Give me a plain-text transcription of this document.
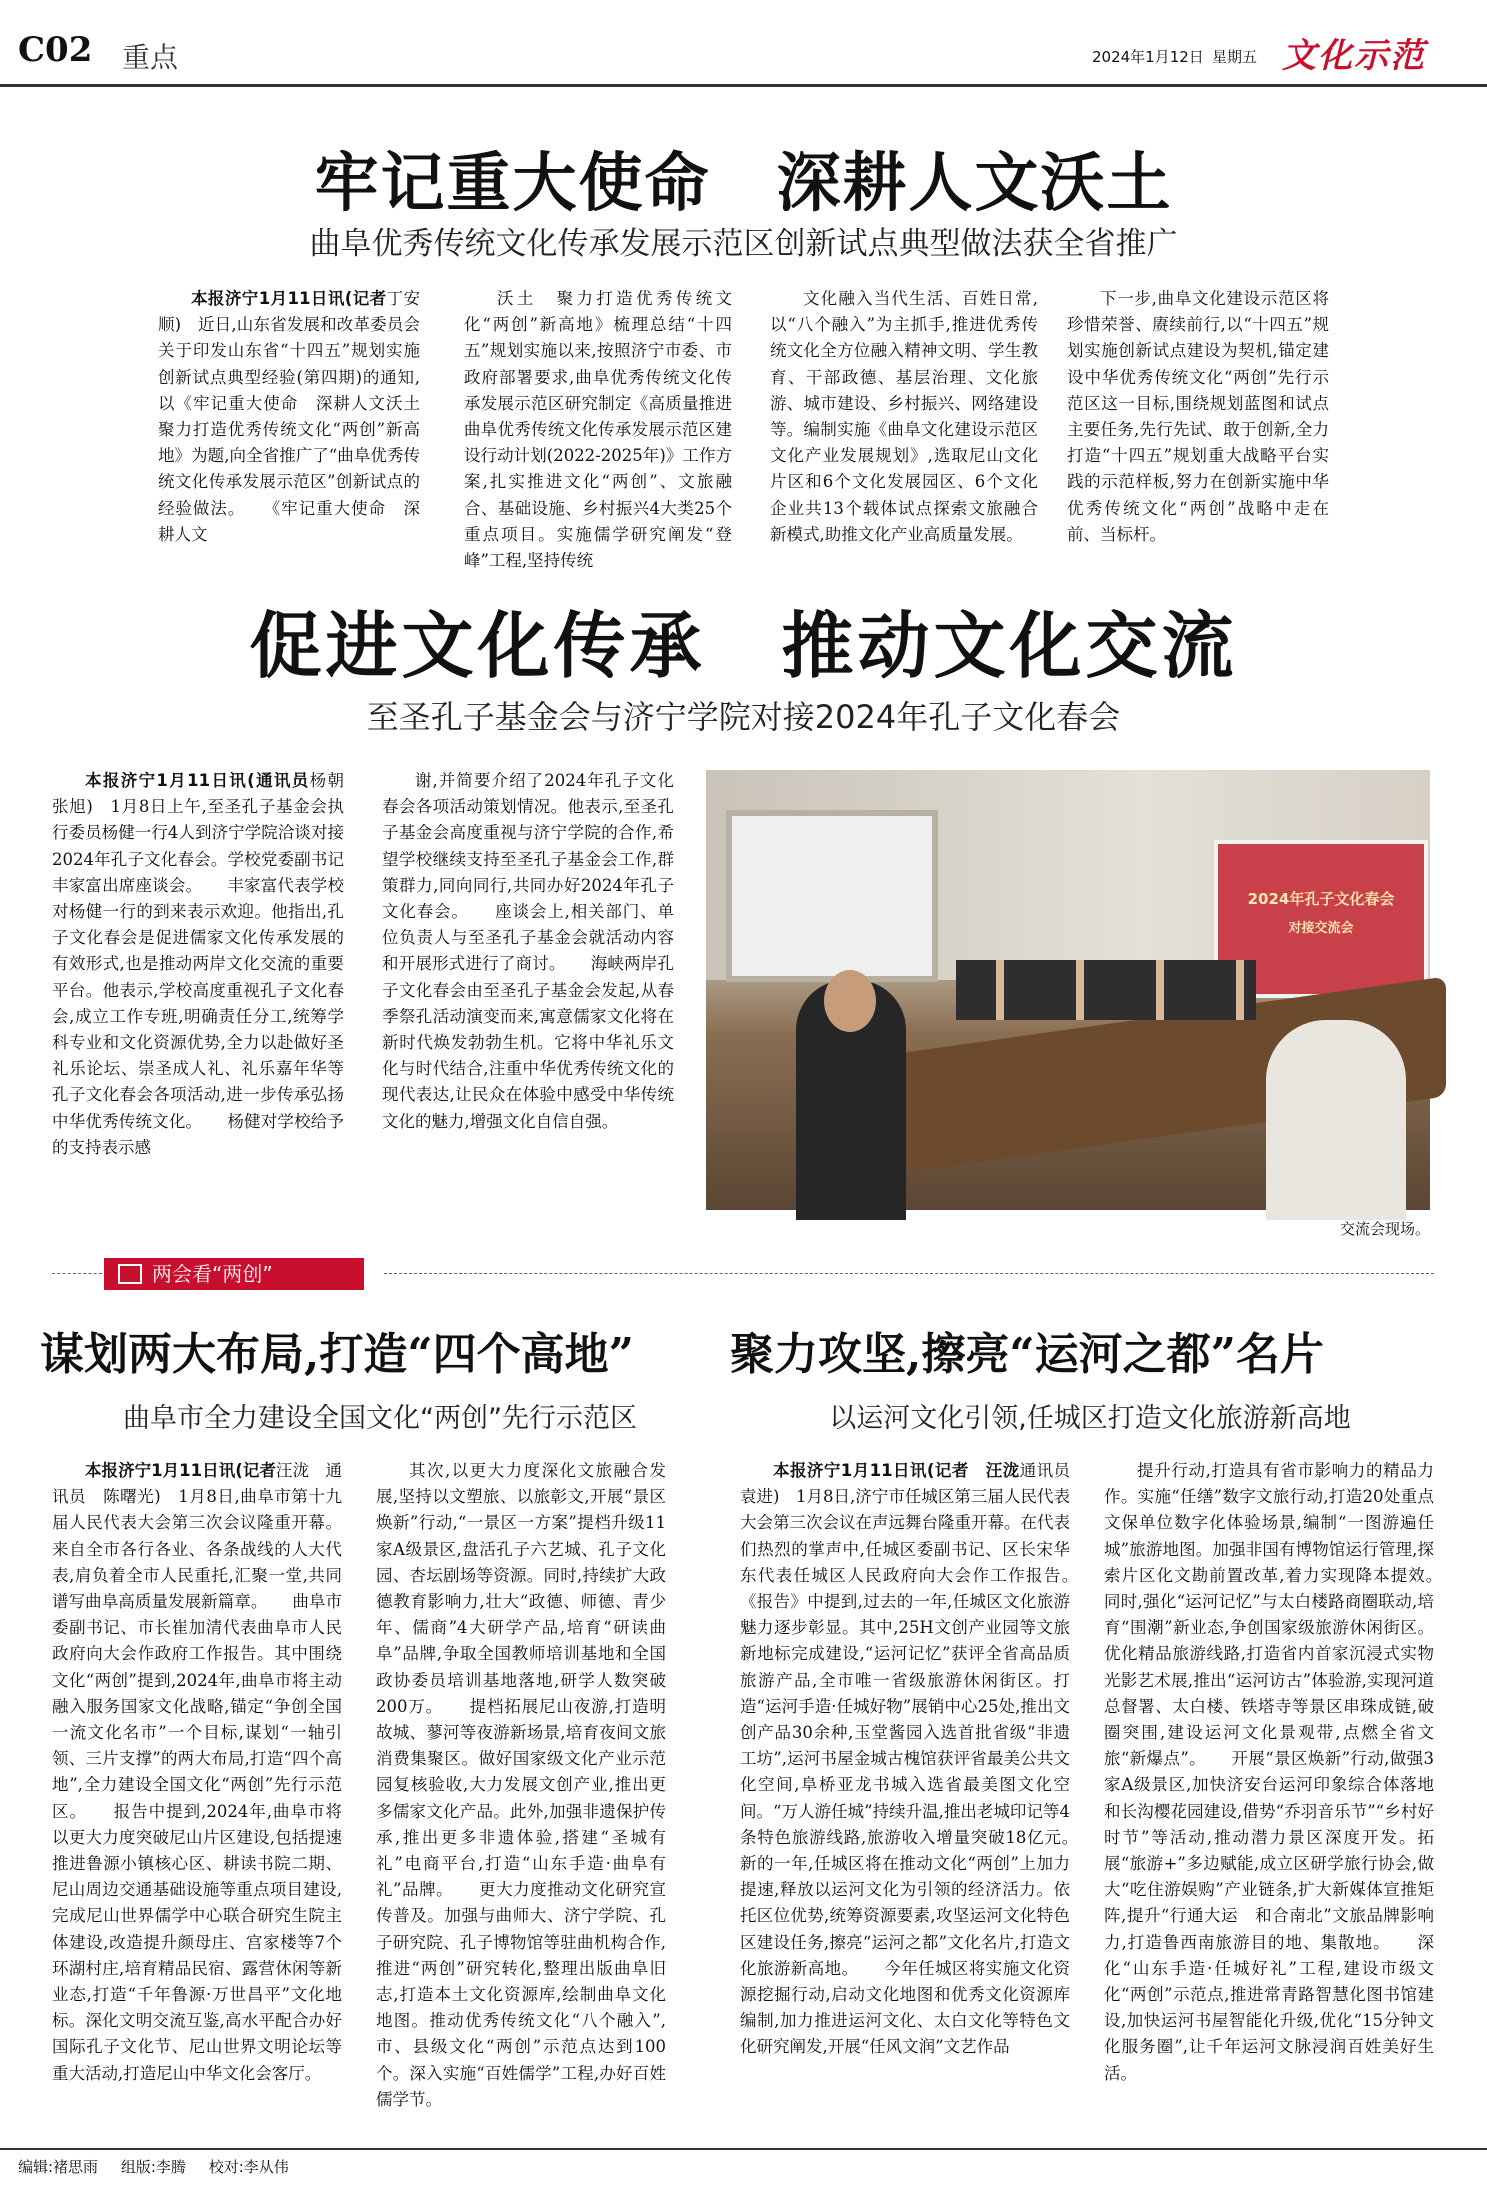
C02 重点	2024年1月12日 星期五 文化示范
牢记重大使命　深耕人文沃土
曲阜优秀传统文化传承发展示范区创新试点典型做法获全省推广

本报济宁1月11日讯(记者丁安顺)　近日,山东省发展和改革委员会关于印发山东省“十四五”规划实施创新试点典型经验(第四期)的通知,以《牢记重大使命　深耕人文沃土　聚力打造优秀传统文化“两创”新高地》为题,向全省推广了“曲阜优秀传统文化传承发展示范区”创新试点的经验做法。　　《牢记重大使命　深耕人文

沃土　聚力打造优秀传统文化“两创”新高地》梳理总结“十四五”规划实施以来,按照济宁市委、市政府部署要求,曲阜优秀传统文化传承发展示范区研究制定《高质量推进曲阜优秀传统文化传承发展示范区建设行动计划(2022-2025年)》工作方案,扎实推进文化“两创”、文旅融合、基础设施、乡村振兴4大类25个重点项目。实施儒学研究阐发“登峰”工程,坚持传统

文化融入当代生活、百姓日常,以“八个融入”为主抓手,推进优秀传统文化全方位融入精神文明、学生教育、干部政德、基层治理、文化旅游、城市建设、乡村振兴、网络建设等。编制实施《曲阜文化建设示范区文化产业发展规划》,选取尼山文化片区和6个文化发展园区、6个文化企业共13个载体试点探索文旅融合新模式,助推文化产业高质量发展。

下一步,曲阜文化建设示范区将珍惜荣誉、赓续前行,以“十四五”规划实施创新试点建设为契机,锚定建设中华优秀传统文化“两创”先行示范区这一目标,围绕规划蓝图和试点主要任务,先行先试、敢于创新,全力打造“十四五”规划重大战略平台实践的示范样板,努力在创新实施中华优秀传统文化“两创”战略中走在前、当标杆。

促进文化传承　推动文化交流
至圣孔子基金会与济宁学院对接2024年孔子文化春会

本报济宁1月11日讯(通讯员杨朝　张旭)　1月8日上午,至圣孔子基金会执行委员杨健一行4人到济宁学院洽谈对接2024年孔子文化春会。学校党委副书记丰家富出席座谈会。　　丰家富代表学校对杨健一行的到来表示欢迎。他指出,孔子文化春会是促进儒家文化传承发展的有效形式,也是推动两岸文化交流的重要平台。他表示,学校高度重视孔子文化春会,成立工作专班,明确责任分工,统筹学科专业和文化资源优势,全力以赴做好圣礼乐论坛、崇圣成人礼、礼乐嘉年华等孔子文化春会各项活动,进一步传承弘扬中华优秀传统文化。　　杨健对学校给予的支持表示感

谢,并简要介绍了2024年孔子文化春会各项活动策划情况。他表示,至圣孔子基金会高度重视与济宁学院的合作,希望学校继续支持至圣孔子基金会工作,群策群力,同向同行,共同办好2024年孔子文化春会。　　座谈会上,相关部门、单位负责人与至圣孔子基金会就活动内容和开展形式进行了商讨。　　海峡两岸孔子文化春会由至圣孔子基金会发起,从春季祭孔活动演变而来,寓意儒家文化将在新时代焕发勃勃生机。它将中华礼乐文化与时代结合,注重中华优秀传统文化的现代表达,让民众在体验中感受中华传统文化的魅力,增强文化自信自强。

2024年孔子文化春会
对接交流会
交流会现场。
两会看“两创”
谋划两大布局,打造“四个高地”
曲阜市全力建设全国文化“两创”先行示范区

本报济宁1月11日讯(记者汪泷　通讯员　陈曙光)　1月8日,曲阜市第十九届人民代表大会第三次会议隆重开幕。来自全市各行各业、各条战线的人大代表,肩负着全市人民重托,汇聚一堂,共同谱写曲阜高质量发展新篇章。　　曲阜市委副书记、市长崔加清代表曲阜市人民政府向大会作政府工作报告。其中围绕文化“两创”提到,2024年,曲阜市将主动融入服务国家文化战略,锚定“争创全国一流文化名市”一个目标,谋划“一轴引领、三片支撑”的两大布局,打造“四个高地”,全力建设全国文化“两创”先行示范区。　　报告中提到,2024年,曲阜市将以更大力度突破尼山片区建设,包括提速推进鲁源小镇核心区、耕读书院二期、尼山周边交通基础设施等重点项目建设,完成尼山世界儒学中心联合研究生院主体建设,改造提升颜母庄、宫家楼等7个环湖村庄,培育精品民宿、露营休闲等新业态,打造“千年鲁源·万世昌平”文化地标。深化文明交流互鉴,高水平配合办好国际孔子文化节、尼山世界文明论坛等重大活动,打造尼山中华文化会客厅。

其次,以更大力度深化文旅融合发展,坚持以文塑旅、以旅彰文,开展“景区焕新”行动,“一景区一方案”提档升级11家A级景区,盘活孔子六艺城、孔子文化园、杏坛剧场等资源。同时,持续扩大政德教育影响力,壮大“政德、师德、青少年、儒商”4大研学产品,培育“研读曲阜”品牌,争取全国教师培训基地和全国政协委员培训基地落地,研学人数突破200万。　　提档拓展尼山夜游,打造明故城、蓼河等夜游新场景,培育夜间文旅消费集聚区。做好国家级文化产业示范园复核验收,大力发展文创产业,推出更多儒家文化产品。此外,加强非遗保护传承,推出更多非遗体验,搭建“圣城有礼”电商平台,打造“山东手造·曲阜有礼”品牌。　　更大力度推动文化研究宣传普及。加强与曲师大、济宁学院、孔子研究院、孔子博物馆等驻曲机构合作,推进“两创”研究转化,整理出版曲阜旧志,打造本土文化资源库,绘制曲阜文化地图。推动优秀传统文化“八个融入”,市、县级文化“两创”示范点达到100个。深入实施“百姓儒学”工程,办好百姓儒学节。

聚力攻坚,擦亮“运河之都”名片
以运河文化引领,任城区打造文化旅游新高地

本报济宁1月11日讯(记者　汪泷通讯员　袁进)　1月8日,济宁市任城区第三届人民代表大会第三次会议在声远舞台隆重开幕。在代表们热烈的掌声中,任城区委副书记、区长宋华东代表任城区人民政府向大会作工作报告。　　《报告》中提到,过去的一年,任城区文化旅游魅力逐步彰显。其中,25H文创产业园等文旅新地标完成建设,“运河记忆”获评全省高品质旅游产品,全市唯一省级旅游休闲街区。打造“运河手造·任城好物”展销中心25处,推出文创产品30余种,玉堂酱园入选首批省级“非遗工坊”,运河书屋金城古槐馆获评省最美公共文化空间,阜桥亚龙书城入选省最美图文化空间。“万人游任城”持续升温,推出老城印记等4条特色旅游线路,旅游收入增量突破18亿元。　　新的一年,任城区将在推动文化“两创”上加力提速,释放以运河文化为引领的经济活力。依托区位优势,统筹资源要素,攻坚运河文化特色区建设任务,擦亮“运河之都”文化名片,打造文化旅游新高地。　　今年任城区将实施文化资源挖掘行动,启动文化地图和优秀文化资源库编制,加力推进运河文化、太白文化等特色文化研究阐发,开展“任风文润”文艺作品

提升行动,打造具有省市影响力的精品力作。实施“任缮”数字文旅行动,打造20处重点文保单位数字化体验场景,编制“一图游遍任城”旅游地图。加强非国有博物馆运行管理,探索片区化文勘前置改革,着力实现降本提效。　　同时,强化“运河记忆”与太白楼路商圈联动,培育“围潮”新业态,争创国家级旅游休闲街区。优化精品旅游线路,打造省内首家沉浸式实物光影艺术展,推出“运河访古”体验游,实现河道总督署、太白楼、铁塔寺等景区串珠成链,破圈突围,建设运河文化景观带,点燃全省文旅“新爆点”。　　开展“景区焕新”行动,做强3家A级景区,加快济安台运河印象综合体落地和长沟樱花园建设,借势“乔羽音乐节”“乡村好时节”等活动,推动潜力景区深度开发。拓展“旅游+”多边赋能,成立区研学旅行协会,做大“吃住游娱购”产业链条,扩大新媒体宣推矩阵,提升“行通大运　和合南北”文旅品牌影响力,打造鲁西南旅游目的地、集散地。　　深化“山东手造·任城好礼”工程,建设市级文化“两创”示范点,推进常青路智慧化图书馆建设,加快运河书屋智能化升级,优化“15分钟文化服务圈”,让千年运河文脉浸润百姓美好生活。

编辑:褚思雨 组版:李腾 校对:李从伟
